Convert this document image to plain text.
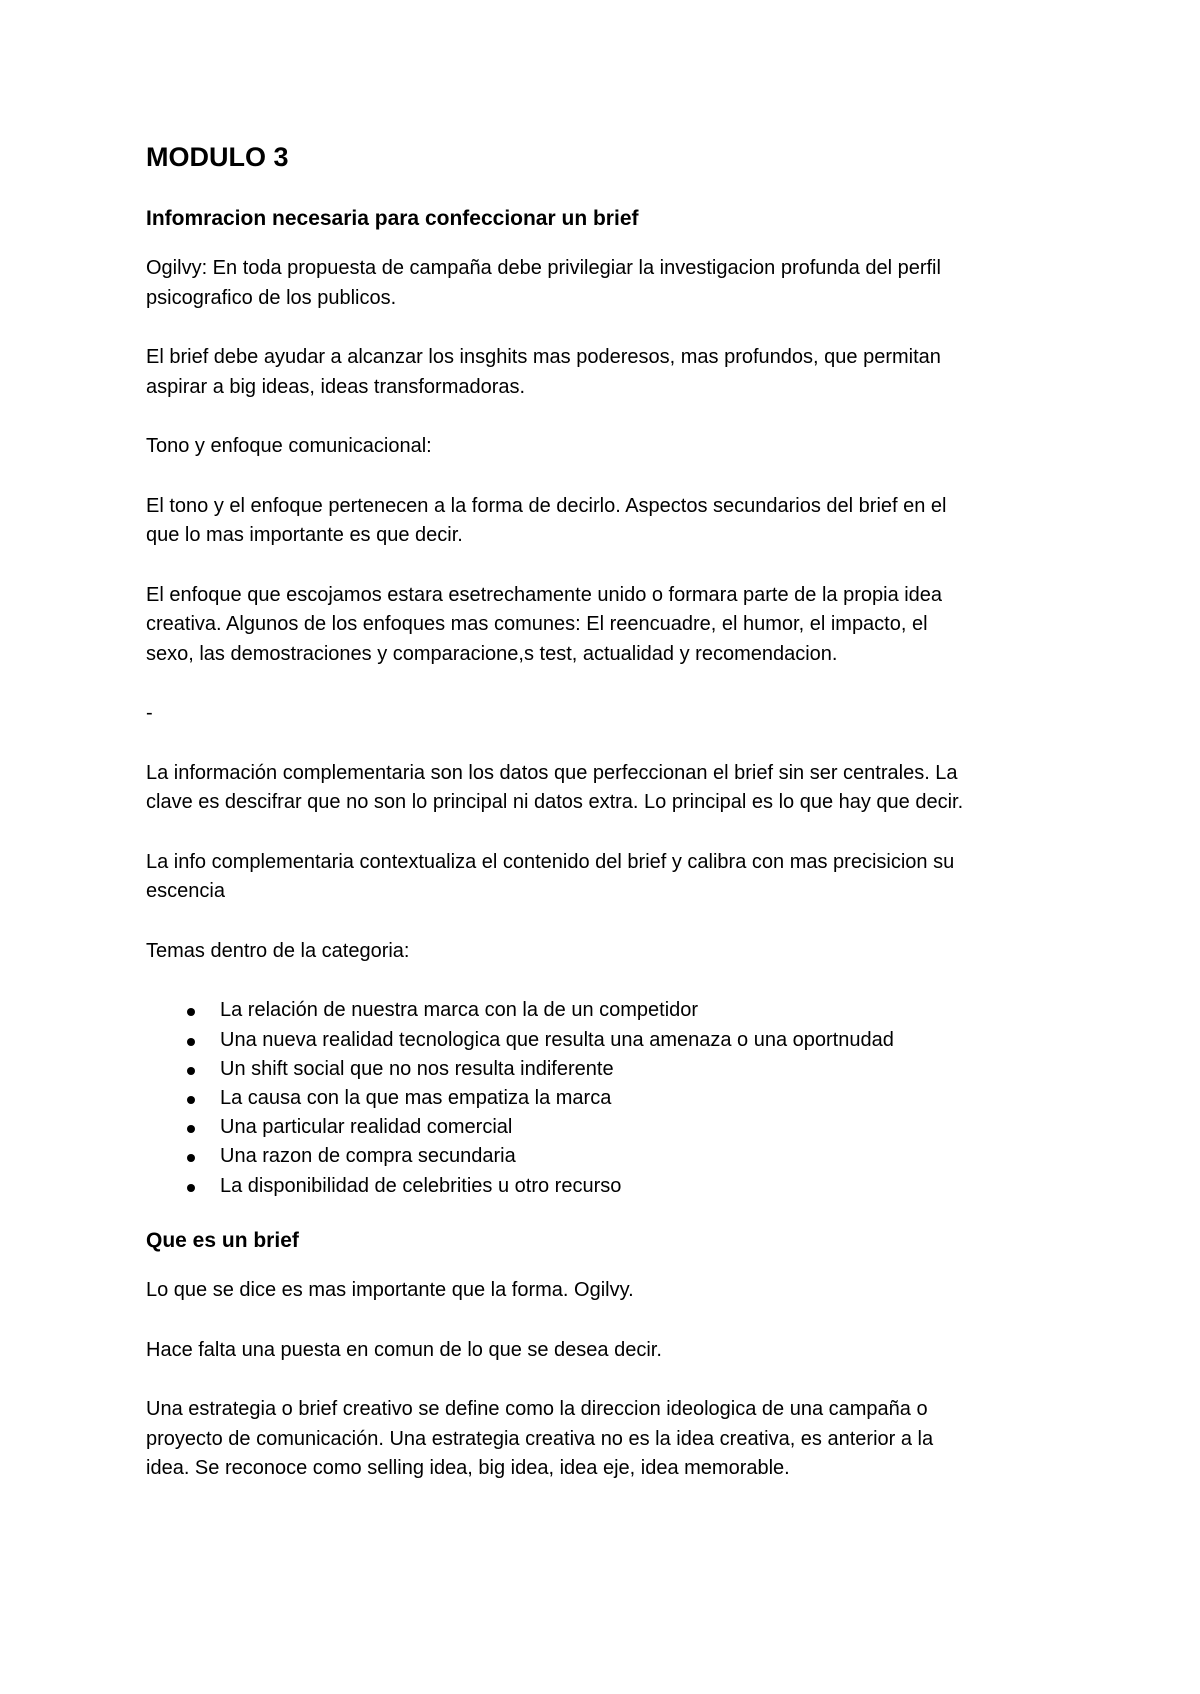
MODULO 3
Infomracion necesaria para confeccionar un brief

Ogilvy: En toda propuesta de campaña debe privilegiar la investigacion profunda del perfil
psicografico de los publicos.

El brief debe ayudar a alcanzar los insghits mas poderesos, mas profundos, que permitan
aspirar a big ideas, ideas transformadoras.

Tono y enfoque comunicacional:

El tono y el enfoque pertenecen a la forma de decirlo. Aspectos secundarios del brief en el
que lo mas importante es que decir.

El enfoque que escojamos estara esetrechamente unido o formara parte de la propia idea
creativa. Algunos de los enfoques mas comunes: El reencuadre, el humor, el impacto, el
sexo, las demostraciones y comparacione,s test, actualidad y recomendacion.

-

La información complementaria son los datos que perfeccionan el brief sin ser centrales. La
clave es descifrar que no son lo principal ni datos extra. Lo principal es lo que hay que decir.

La info complementaria contextualiza el contenido del brief y calibra con mas precisicion su
escencia

Temas dentro de la categoria:

La relación de nuestra marca con la de un competidor
Una nueva realidad tecnologica que resulta una amenaza o una oportnudad
Un shift social que no nos resulta indiferente
La causa con la que mas empatiza la marca
Una particular realidad comercial
Una razon de compra secundaria
La disponibilidad de celebrities u otro recurso
Que es un brief

Lo que se dice es mas importante que la forma. Ogilvy.

Hace falta una puesta en comun de lo que se desea decir.

Una estrategia o brief creativo se define como la direccion ideologica de una campaña o
proyecto de comunicación. Una estrategia creativa no es la idea creativa, es anterior a la
idea. Se reconoce como selling idea, big idea, idea eje, idea memorable.
